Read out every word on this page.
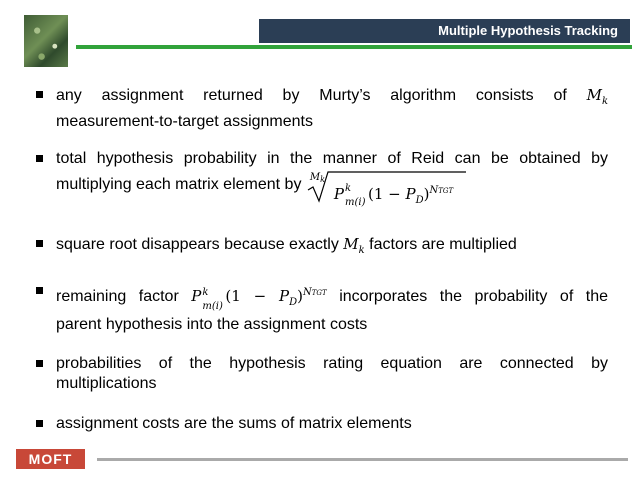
Multiple Hypothesis Tracking
any assignment returned by Murty’s algorithm consists of $M_k$
measurement-to-target assignments
total hypothesis probability in the manner of Reid can be obtained by
multiplying each matrix element by $M_k$
P k
m(i) $(1 - P_D)^{NTGT}$
square root disappears because exactly $M_k$ factors are multiplied
remaining factor P k
m(i)
$(1 - P_D)^{NTGT}$ incorporates the probability of the
parent hypothesis into the assignment costs
probabilities of the hypothesis rating equation are connected by multiplications
assignment costs are the sums of matrix elements
MOFT
